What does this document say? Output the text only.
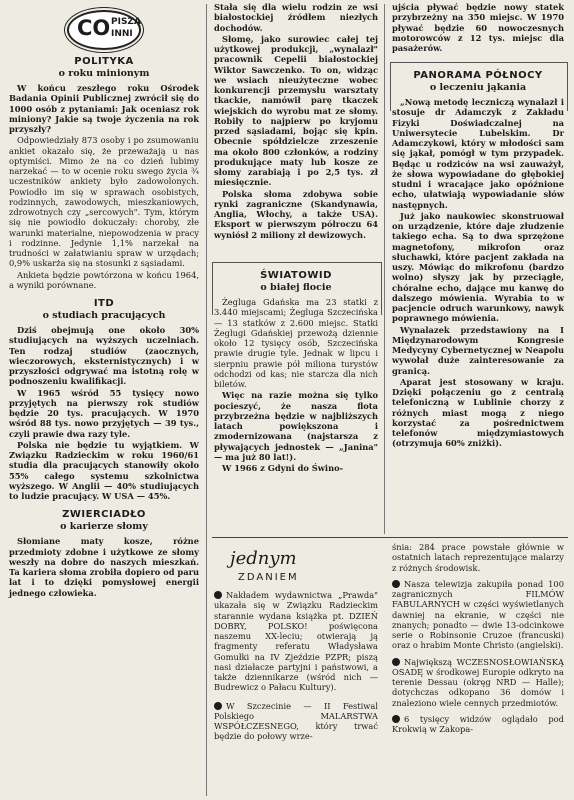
CO PISZĄ
INNI
POLITYKA
o roku minionym

W końcu zeszłego roku Ośrodek Badania Opinii Publicznej zwrócił się do 1000 osób z pytaniami: Jak oceniasz rok miniony? Jakie są twoje życzenia na rok przyszły?

Odpowiedziały 873 osoby i po zsumowaniu ankiet okazało się, że przeważają u nas optymiści. Mimo że na co dzień lubimy narzekać — to w ocenie roku swego życia ¾ uczestników ankiety było zadowolonych. Powiodło im się w sprawach osobistych, rodzinnych, zawodowych, mieszkaniowych, zdrowotnych czy „sercowych". Tym, którym się nie powiodło dokuczały: choroby, złe warunki materialne, niepowodzenia w pracy i rodzinne. Jedynie 1,1% narzekał na trudności w załatwianiu spraw w urzędach; 0,9% uskarża się na stosunki z sąsiadami.

Ankieta będzie powtórzona w końcu 1964, a wyniki porównane.

ITD
o studiach pracujących

Dziś obejmują one około 30% studiujących na wyższych uczelniach. Ten rodzaj studiów (zaocznych, wieczorowych, eksternistycznych) i w przyszłości odgrywać ma istotną rolę w podnoszeniu kwalifikacji.

W 1965 wśród 55 tysięcy nowo przyjętych na pierwszy rok studiów będzie 20 tys. pracujących. W 1970 wśród 88 tys. nowo przyjętych — 39 tys., czyli prawie dwa razy tyle.

Polska nie będzie tu wyjątkiem. W Związku Radzieckim w roku 1960/61 studia dla pracujących stanowiły około 55% całego systemu szkolnictwa wyższego. W Anglii — 40% studiujących to ludzie pracujący. W USA — 45%.

ZWIERCIADŁO
o karierze słomy

Słomiane maty kosze, różne przedmioty zdobne i użytkowe ze słomy weszły na dobre do naszych mieszkań. Ta kariera słoma zrobiła dopiero od paru lat i to dzięki pomysłowej energii jednego człowieka.

Stała się dla wielu rodzin ze wsi białostockiej źródłem niezłych dochodów.

Słomę, jako surowiec całej tej użytkowej produkcji, „wynalazł" pracownik Cepelii białostockiej Wiktor Sawczenko. To on, widząc we wsiach nieużyteczne wobec konkurencji przemysłu warsztaty tkackie, namówił parę tkaczek wiejskich do wyrobu mat ze słomy. Robiły to najpierw po kryjomu przed sąsiadami, bojąc się kpin. Obecnie spółdzielcze zrzeszenie ma około 800 członków, a rodziny produkujące maty lub kosze ze słomy zarabiają i po 2,5 tys. zł miesięcznie.

Polska słoma zdobywa sobie rynki zagraniczne (Skandynawia, Anglia, Włochy, a także USA). Eksport w pierwszym półroczu 64 wyniósł 2 miliony zł dewizowych.

ŚWIATOWID
o białej flocie

Żegluga Gdańska ma 23 statki z 3.440 miejscami; Żegluga Szczecińska — 13 statków z 2.600 miejsc. Statki Żeglugi Gdańskiej przewożą dziennie około 12 tysięcy osób, Szczecińska prawie drugie tyle. Jednak w lipcu i sierpniu prawie pół miliona turystów odchodzi od kas; nie starcza dla nich biletów.

Więc na razie można się tylko pocieszyć, że nasza flota przybrzeżna będzie w najbliższych latach powiększona i zmodernizowana (najstarsza z pływających jednostek — „Janina" — ma już 80 lat!).

W 1966 z Gdyni do Świno-

ujścia pływać będzie nowy statek przybrzeżny na 350 miejsc. W 1970 pływać będzie 60 nowoczesnych motorowców z 12 tys. miejsc dla pasażerów.

PANORAMA PÓŁNOCY
o leczeniu jąkania

„Nową metodę leczniczą wynalazł i stosuje dr Adamczyk z Zakładu Fizyki Doświadczalnej na Uniwersytecie Lubelskim. Dr Adamczykowi, który w młodości sam się jąkał, pomógł w tym przypadek. Będąc u rodziców na wsi zauważył, że słowa wypowiadane do głębokiej studni i wracające jako opóźnione echo, ułatwiają wypowiadanie słów następnych.

Już jako naukowiec skonstruował on urządzenie, które daje złudzenie takiego echa. Są to dwa sprzężone magnetofony, mikrofon oraz słuchawki, które pacjent zakłada na uszy. Mówiąc do mikrofonu (bardzo wolno) słyszy jak by przeciągłe, chóralne echo, dające mu kanwę do dalszego mówienia. Wyrabia to w pacjencie odruch warunkowy, nawyk poprawnego mówienia.

Wynalazek przedstawiony na I Międzynarodowym Kongresie Medycyny Cybernetycznej w Neapolu wywołał duże zainteresowanie za granicą.

Aparat jest stosowany w kraju. Dzięki połączeniu go z centralą telefoniczną w Lublinie chorzy z różnych miast mogą z niego korzystać za pośrednictwem telefonów międzymiastowych (otrzymuja 60% zniżki).

jednym
ZDANIEM

Nakładem wydawnictwa „Prawda" ukazała się w Związku Radzieckim starannie wydana książka pt. DZIEŃ DOBRY, POLSKO! poświęcona naszemu XX-leciu; otwierają ją fragmenty referatu Władysława Gomułki na IV Zjeździe PZPR; piszą nasi działacze partyjni i państwowi, a także dziennikarze (wśród nich — Budrewicz o Pałacu Kultury).

W Szczecinie — II Festiwal Polskiego MALARSTWA WSPÓŁCZESNEGO, który trwać będzie do połowy wrze-

śnia: 284 prace powstałe głównie w ostatnich latach reprezentujące malarzy z różnych środowisk.

Nasza telewizja zakupiła ponad 100 zagranicznych FILMÓW FABULARNYCH w części wyświetlanych dawniej na ekranie, w części nie znanych; ponadto — dwie 13-odcinkowe serie o Robinsonie Cruzoe (francuski) oraz o hrabim Monte Christo (angielski).

Największą WCZESNOSŁOWIAŃSKĄ OSADĘ w środkowej Europie odkryto na terenie Dessau (okręg NRD — Halle); dotychczas odkopano 36 domów i znaleziono wiele cennych przedmiotów.

6 tysięcy widzów oglądało pod Krokwią w Zakopa-
